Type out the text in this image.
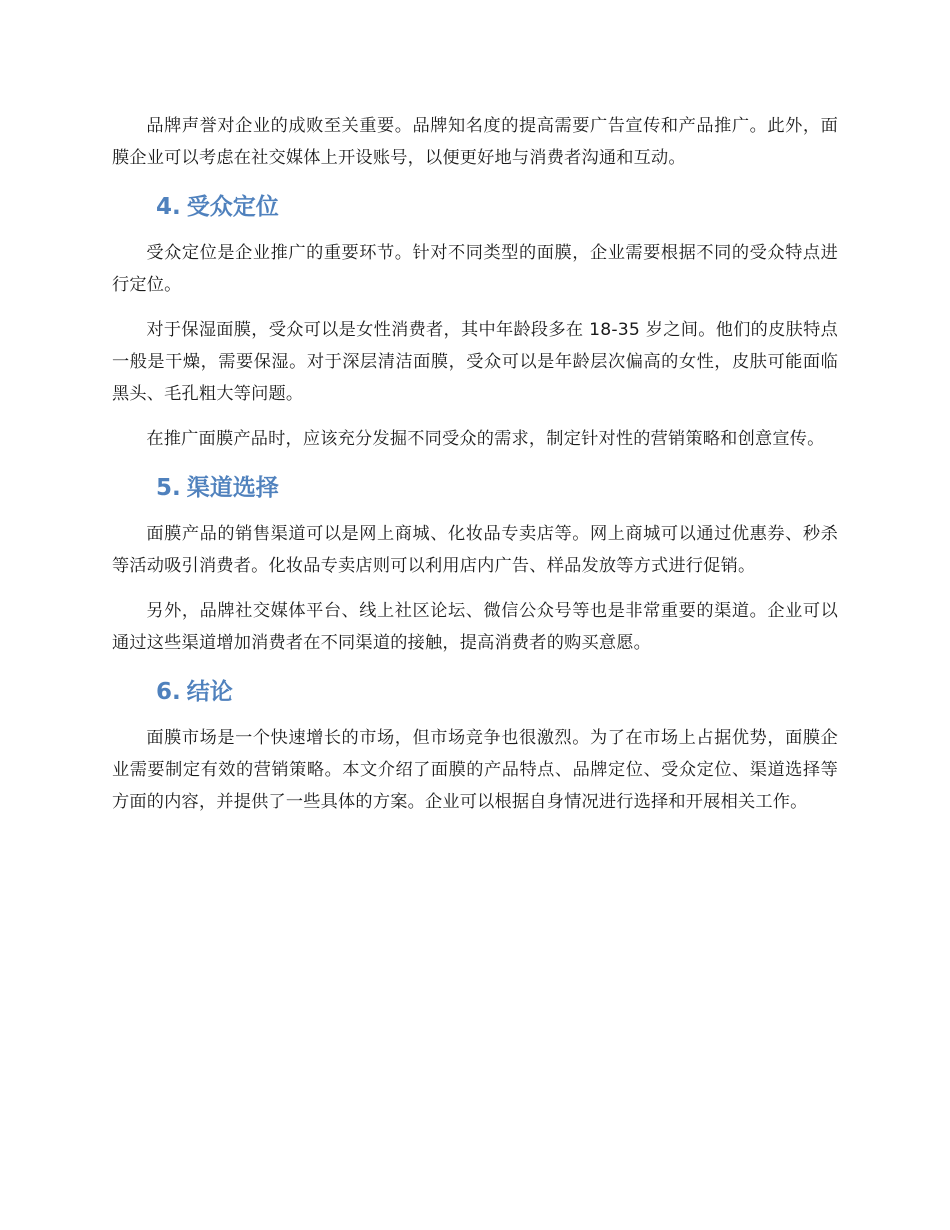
品牌声誉对企业的成败至关重要。品牌知名度的提高需要广告宣传和产品推广。此外，面膜企业可以考虑在社交媒体上开设账号，以便更好地与消费者沟通和互动。

4. 受众定位

受众定位是企业推广的重要环节。针对不同类型的面膜，企业需要根据不同的受众特点进行定位。

对于保湿面膜，受众可以是女性消费者，其中年龄段多在 18-35 岁之间。他们的皮肤特点一般是干燥，需要保湿。对于深层清洁面膜，受众可以是年龄层次偏高的女性，皮肤可能面临黑头、毛孔粗大等问题。

在推广面膜产品时，应该充分发掘不同受众的需求，制定针对性的营销策略和创意宣传。

5. 渠道选择

面膜产品的销售渠道可以是网上商城、化妆品专卖店等。网上商城可以通过优惠券、秒杀等活动吸引消费者。化妆品专卖店则可以利用店内广告、样品发放等方式进行促销。

另外，品牌社交媒体平台、线上社区论坛、微信公众号等也是非常重要的渠道。企业可以通过这些渠道增加消费者在不同渠道的接触，提高消费者的购买意愿。

6. 结论

面膜市场是一个快速增长的市场，但市场竞争也很激烈。为了在市场上占据优势，面膜企业需要制定有效的营销策略。本文介绍了面膜的产品特点、品牌定位、受众定位、渠道选择等方面的内容，并提供了一些具体的方案。企业可以根据自身情况进行选择和开展相关工作。
